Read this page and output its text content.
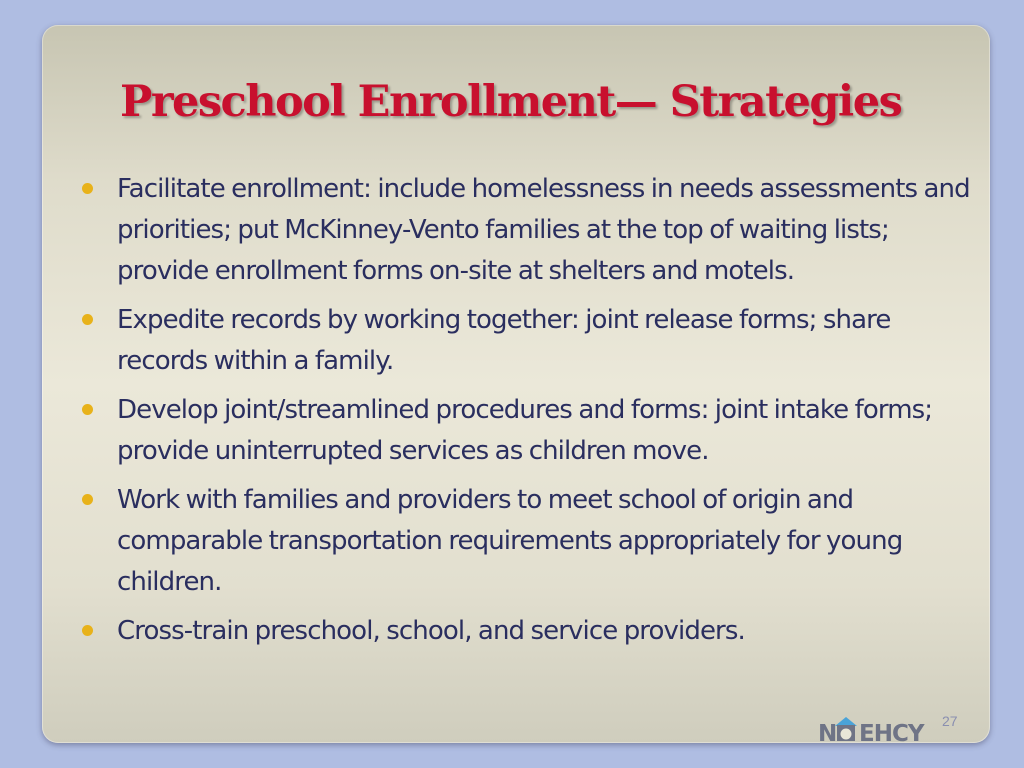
Preschool Enrollment— Strategies
Facilitate enrollment: include homelessness in needs assessments and priorities; put McKinney-Vento families at the top of waiting lists; provide enrollment forms on-site at shelters and motels.
Expedite records by working together: joint release forms; share records within a family.
Develop joint/streamlined procedures and forms: joint intake forms; provide uninterrupted services as children move.
Work with families and providers to meet school of origin and comparable transportation requirements appropriately for young children.
Cross-train preschool, school, and service providers.
27
N EHCY
